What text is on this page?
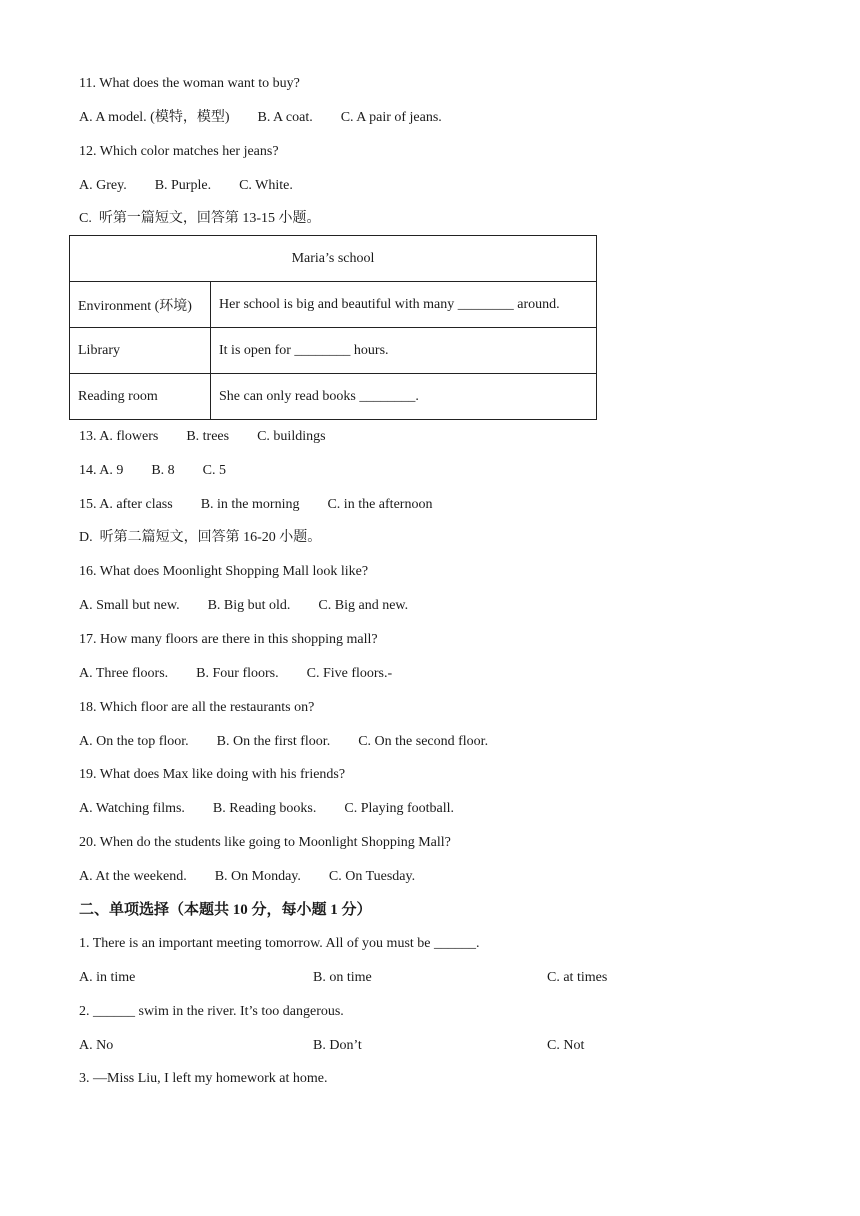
11. What does the woman want to buy?
A. A model. (模特，模型)        B. A coat.        C. A pair of jeans.
12. Which color matches her jeans?
A. Grey.        B. Purple.        C. White.
C.  听第一篇短文，回答第 13-15 小题。
Maria’s school	
Environment (环境)	Her school is big and beautiful with many ________ around.
Library	It is open for ________ hours.
Reading room	She can only read books ________.
13. A. flowers        B. trees        C. buildings
14. A. 9        B. 8        C. 5
15. A. after class        B. in the morning        C. in the afternoon
D.  听第二篇短文，回答第 16-20 小题。
16. What does Moonlight Shopping Mall look like?
A. Small but new.        B. Big but old.        C. Big and new.
17. How many floors are there in this shopping mall?
A. Three floors.        B. Four floors.        C. Five floors.-
18. Which floor are all the restaurants on?
A. On the top floor.        B. On the first floor.        C. On the second floor.
19. What does Max like doing with his friends?
A. Watching films.        B. Reading books.        C. Playing football.
20. When do the students like going to Moonlight Shopping Mall?
A. At the weekend.        B. On Monday.        C. On Tuesday.
二、单项选择（本题共 10 分，每小题 1 分）
1. There is an important meeting tomorrow. All of you must be ______.
A. in time	B. on time	C. at times
2. ______ swim in the river. It’s too dangerous.
A. No	B. Don’t	C. Not
3. —Miss Liu, I left my homework at home.
